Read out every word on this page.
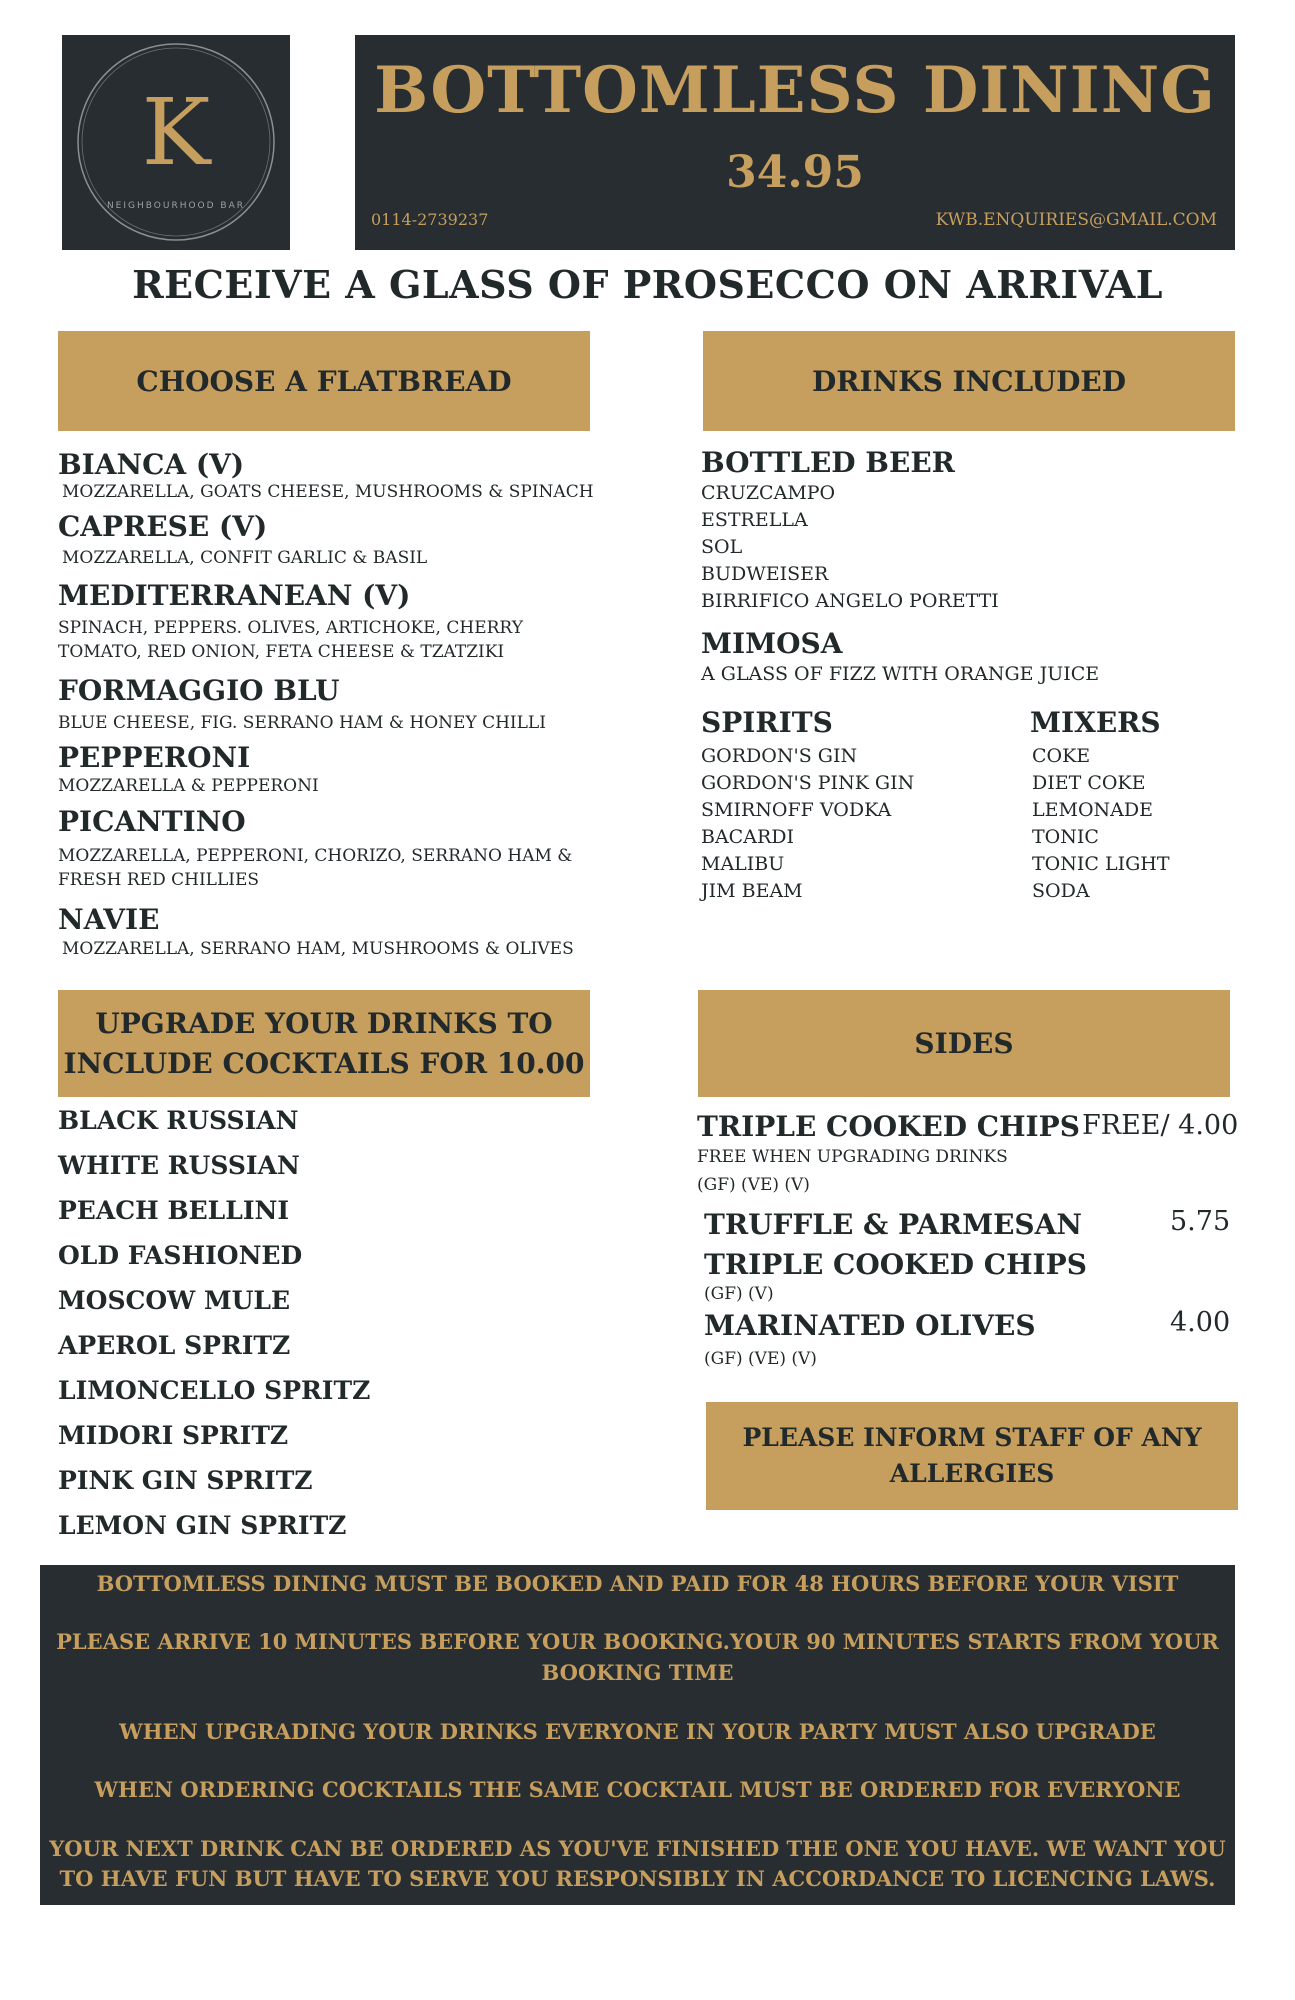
K
NEIGHBOURHOOD BAR
BOTTOMLESS DINING
34.95
0114-2739237	KWB.ENQUIRIES@GMAIL.COM
RECEIVE A GLASS OF PROSECCO ON ARRIVAL
CHOOSE A FLATBREAD
BIANCA (V)
MOZZARELLA, GOATS CHEESE, MUSHROOMS & SPINACH
CAPRESE (V)
MOZZARELLA, CONFIT GARLIC & BASIL
MEDITERRANEAN (V)
SPINACH, PEPPERS. OLIVES, ARTICHOKE, CHERRY
TOMATO, RED ONION, FETA CHEESE & TZATZIKI
FORMAGGIO BLU
BLUE CHEESE, FIG. SERRANO HAM & HONEY CHILLI
PEPPERONI
MOZZARELLA & PEPPERONI
PICANTINO
MOZZARELLA, PEPPERONI, CHORIZO, SERRANO HAM &
FRESH RED CHILLIES
NAVIE
MOZZARELLA, SERRANO HAM, MUSHROOMS & OLIVES
DRINKS INCLUDED
BOTTLED BEER
CRUZCAMPO
ESTRELLA
SOL
BUDWEISER
BIRRIFICO ANGELO PORETTI
MIMOSA
A GLASS OF FIZZ WITH ORANGE JUICE
SPIRITS
GORDON'S GIN
GORDON'S PINK GIN
SMIRNOFF VODKA
BACARDI
MALIBU
JIM BEAM
MIXERS
COKE
DIET COKE
LEMONADE
TONIC
TONIC LIGHT
SODA
UPGRADE YOUR DRINKS TO
INCLUDE COCKTAILS FOR 10.00
BLACK RUSSIAN
WHITE RUSSIAN
PEACH BELLINI
OLD FASHIONED
MOSCOW MULE
APEROL SPRITZ
LIMONCELLO SPRITZ
MIDORI SPRITZ
PINK GIN SPRITZ
LEMON GIN SPRITZ
SIDES
TRIPLE COOKED CHIPS FREE/ 4.00
FREE WHEN UPGRADING DRINKS
(GF) (VE) (V)
TRUFFLE & PARMESAN	5.75
TRIPLE COOKED CHIPS
(GF) (V)
MARINATED OLIVES	4.00
(GF) (VE) (V)
PLEASE INFORM STAFF OF ANY
ALLERGIES
BOTTOMLESS DINING MUST BE BOOKED AND PAID FOR 48 HOURS BEFORE YOUR VISIT
PLEASE ARRIVE 10 MINUTES BEFORE YOUR BOOKING.YOUR 90 MINUTES STARTS FROM YOUR
BOOKING TIME
WHEN UPGRADING YOUR DRINKS EVERYONE IN YOUR PARTY MUST ALSO UPGRADE
WHEN ORDERING COCKTAILS THE SAME COCKTAIL MUST BE ORDERED FOR EVERYONE
YOUR NEXT DRINK CAN BE ORDERED AS YOU'VE FINISHED THE ONE YOU HAVE. WE WANT YOU
TO HAVE FUN BUT HAVE TO SERVE YOU RESPONSIBLY IN ACCORDANCE TO LICENCING LAWS.
